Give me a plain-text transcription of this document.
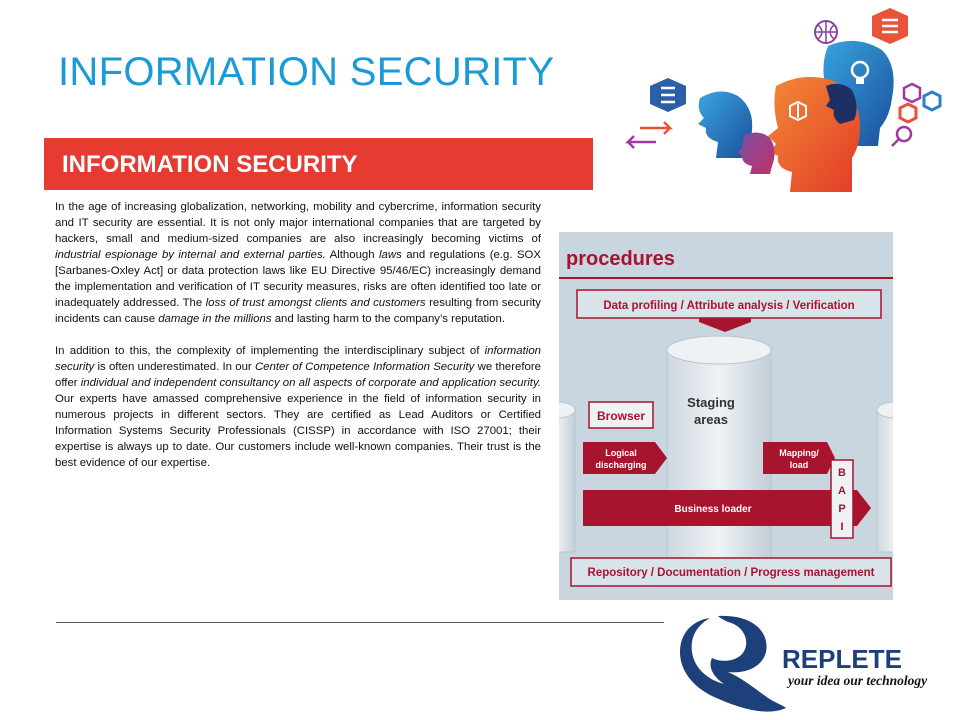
INFORMATION SECURITY
INFORMATION SECURITY

In the age of increasing globalization, networking, mobility and cybercrime, information security and IT security are essential. It is not only major international companies that are targeted by hackers, small and medium-sized companies are also increasingly becoming victims of industrial espionage by internal and external parties. Although laws and regulations (e.g. SOX [Sarbanes-Oxley Act] or data protection laws like EU Directive 95/46/EC) increasingly demand the implementation and verification of IT security measures, risks are often identified too late or inadequately addressed. The loss of trust amongst clients and customers resulting from security incidents can cause damage in the millions and lasting harm to the company’s reputation.

In addition to this, the complexity of implementing the interdisciplinary subject of information security is often underestimated. In our Center of Competence Information Security we therefore offer individual and independent consultancy on all aspects of corporate and application security. Our experts have amassed comprehensive experience in the field of information security in numerous projects in different sectors. They are certified as Lead Auditors or Certified Information Systems Security Professionals (CISSP) in accordance with ISO 27001; their expertise is always up to date. Our customers include well-known companies. Their trust is the best evidence of our expertise.

procedures
Data profiling / Attribute analysis / Verification
Staging
areas
Browser
Logical
discharging
Mapping/
load
Business loader
B
A
P
I
Repository / Documentation / Progress management
REPLETE
your idea our technology
